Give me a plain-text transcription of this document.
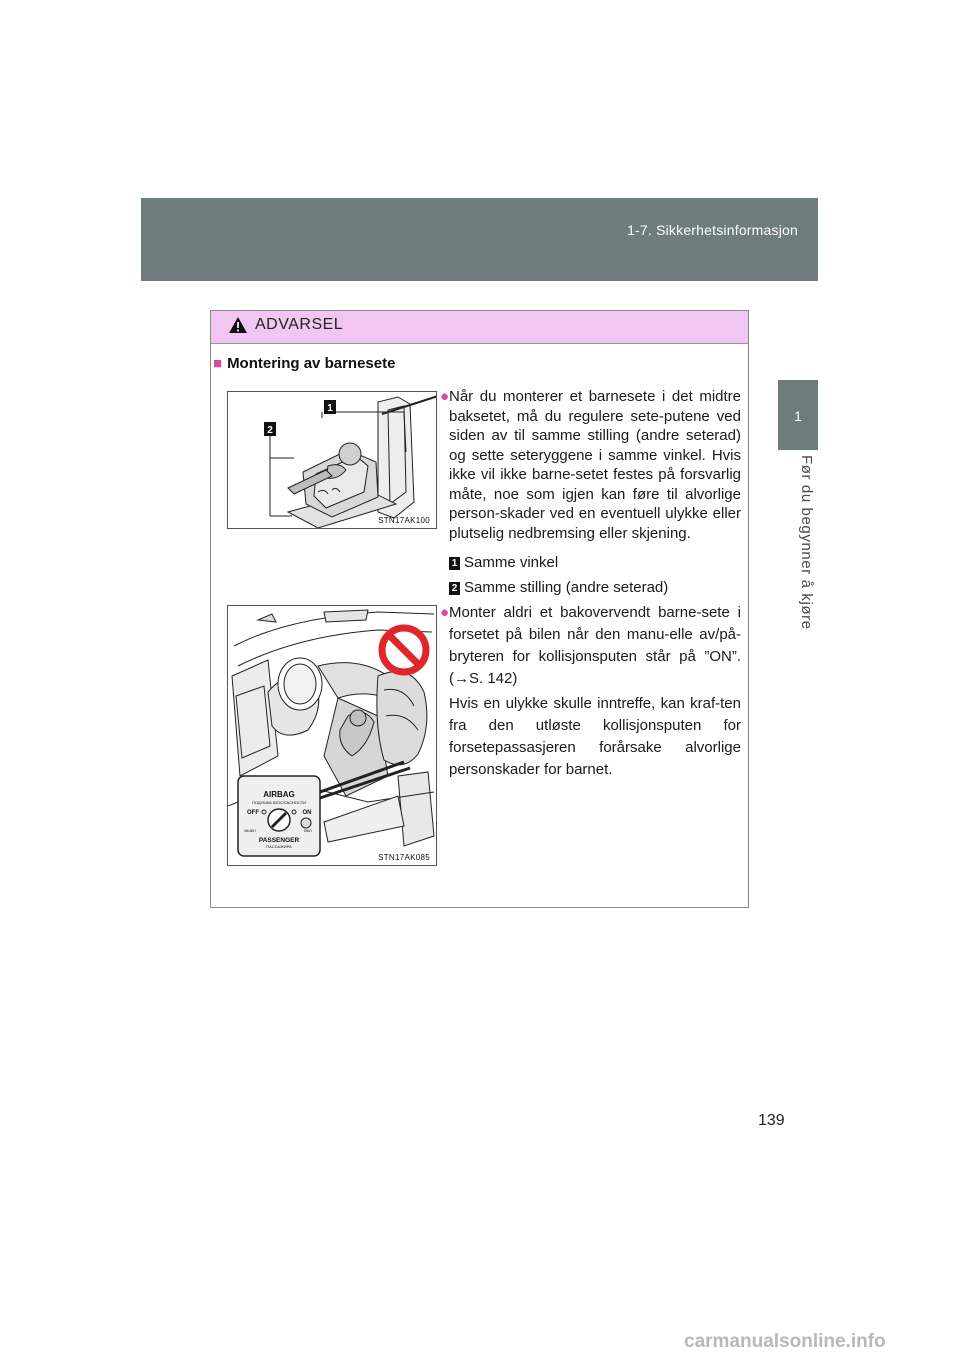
1-7. Sikkerhetsinformasjon
1
Før du begynner å kjøre
ADVARSEL
■ Montering av barnesete
1
2
STN17AK100
● Når du monterer et barnesete i det midtre baksetet, må du regulere sete-putene ved siden av til samme stilling (andre seterad) og sette seteryggene i samme vinkel. Hvis ikke vil ikke barne-setet festes på forsvarlig måte, noe som igjen kan føre til alvorlige person-skader ved en eventuell ulykke eller plutselig nedbremsing eller skjening.
1 Samme vinkel
2 Samme stilling (andre seterad)
AIRBAG
ПОДУШКА БЕЗОПАСНОСТИ
OFF	ON
ВЫКЛ	ВКЛ
PASSENGER
ПАССАЖИРА
STN17AK085
● Monter aldri et bakovervendt barne-sete i forsetet på bilen når den manu-elle av/på-bryteren for kollisjonsputen står på ”ON”. (→S. 142)
Hvis en ulykke skulle inntreffe, kan kraf-ten fra den utløste kollisjonsputen for forsetepassasjeren forårsake alvorlige personskader for barnet.
139
carmanualsonline.info
